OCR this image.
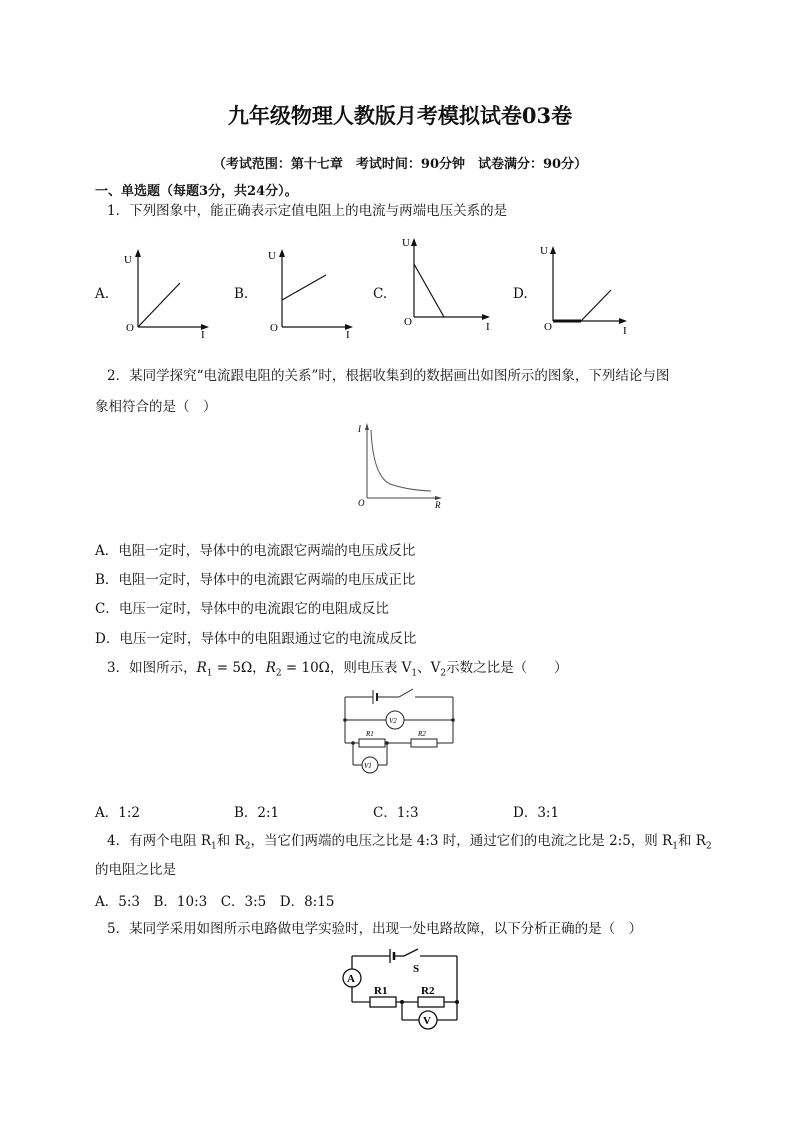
九年级物理人教版月考模拟试卷03卷
（考试范围：第十七章　考试时间：90分钟　试卷满分：90分）
一、单选题（每题3分，共24分）。
1．下列图象中，能正确表示定值电阻上的电流与两端电压关系的是
A.
U
O
I
B.
U
O
I
C.
U
O	I
D.
U
O	I
2．某同学探究“电流跟电阻的关系”时，根据收集到的数据画出如图所示的图象，下列结论与图
象相符合的是（　）
I
O	R
A．电阻一定时，导体中的电流跟它两端的电压成反比
B．电阻一定时，导体中的电流跟它两端的电压成正比
C．电压一定时，导体中的电流跟它的电阻成反比
D．电压一定时，导体中的电阻跟通过它的电流成反比
3．如图所示，$R_1 = 5\Omega$，$R_2 = 10\Omega$，则电压表 $V_1$、$V_2$示数之比是（　　）
V2
R1	R2
V1
A．1:2	B．2:1	C．1:3	D．3:1
4．有两个电阻 $R_1$和 $R_2$，当它们两端的电压之比是 4:3 时，通过它们的电流之比是 2:5，则 $R_1$和 $R_2$
的电阻之比是
A．5:3　B．10:3　C．3:5　D．8:15
5．某同学采用如图所示电路做电学实验时，出现一处电路故障，以下分析正确的是（　）
A
S
R1	R2
V
